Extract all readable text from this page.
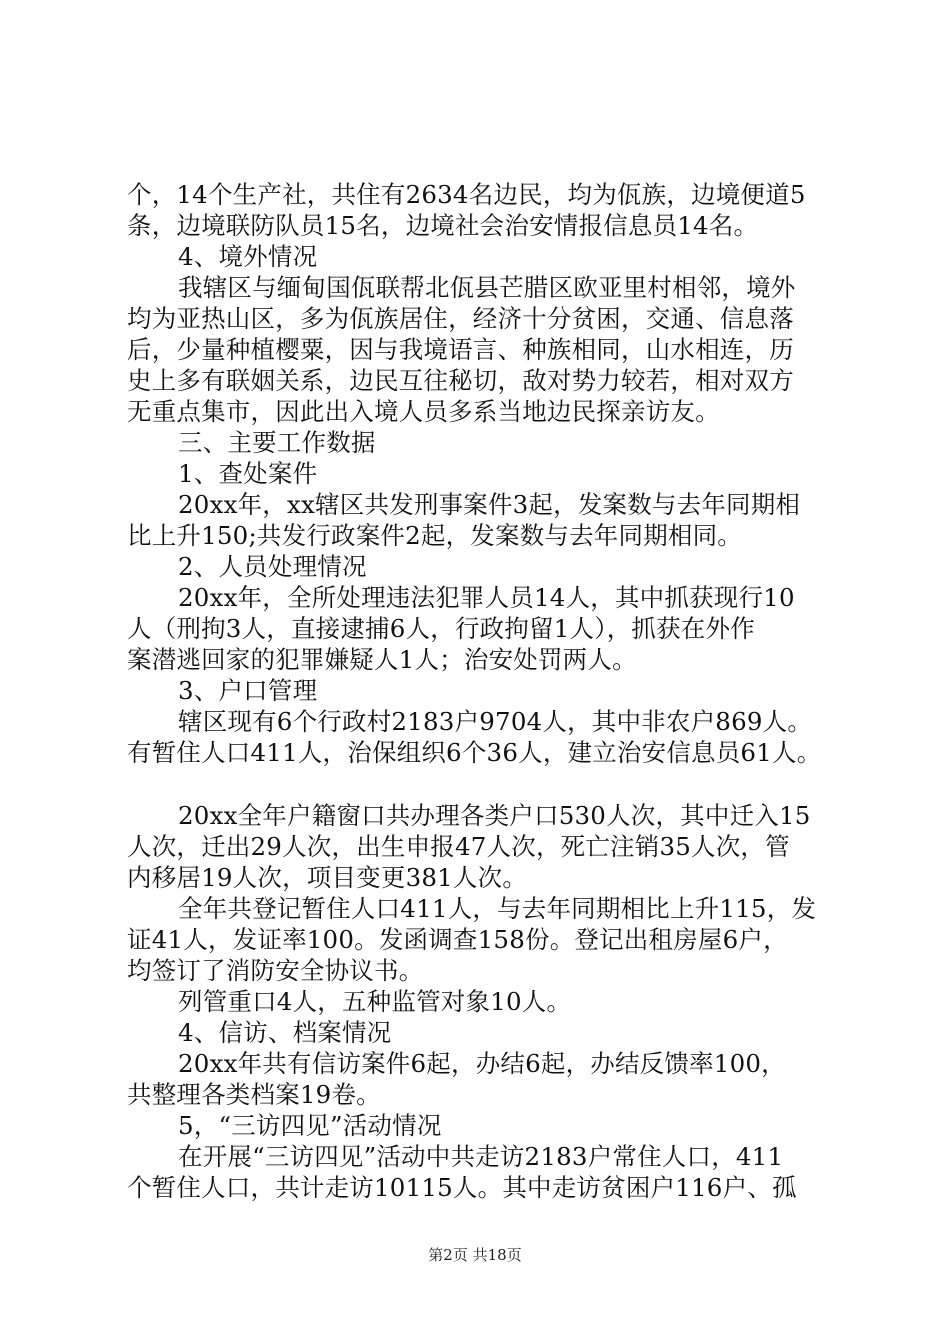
个，14个生产社，共住有2634名边民，均为佤族，边境便道5
条，边境联防队员15名，边境社会治安情报信息员14名。
4、境外情况
我辖区与缅甸国佤联帮北佤县芒腊区欧亚里村相邻，境外
均为亚热山区，多为佤族居住，经济十分贫困，交通、信息落
后，少量种植樱粟，因与我境语言、种族相同，山水相连，历
史上多有联姻关系，边民互往秘切，敌对势力较若，相对双方
无重点集市，因此出入境人员多系当地边民探亲访友。
三、主要工作数据
1、查处案件
20xx年，xx辖区共发刑事案件3起，发案数与去年同期相
比上升150;共发行政案件2起，发案数与去年同期相同。
2、人员处理情况
20xx年，全所处理违法犯罪人员14人，其中抓获现行10
人（刑拘3人，直接逮捕6人，行政拘留1人），抓获在外作
案潜逃回家的犯罪嫌疑人1人；治安处罚两人。
3、户口管理
辖区现有6个行政村2183户9704人，其中非农户869人。
有暂住人口411人，治保组织6个36人，建立治安信息员61人。
20xx全年户籍窗口共办理各类户口530人次，其中迁入15
人次，迁出29人次，出生申报47人次，死亡注销35人次，管
内移居19人次，项目变更381人次。
全年共登记暂住人口411人，与去年同期相比上升115，发
证41人，发证率100。发函调查158份。登记出租房屋6户，
均签订了消防安全协议书。
列管重口4人，五种监管对象10人。
4、信访、档案情况
20xx年共有信访案件6起，办结6起，办结反馈率100，
共整理各类档案19卷。
5，“三访四见”活动情况
在开展“三访四见”活动中共走访2183户常住人口，411
个暂住人口，共计走访10115人。其中走访贫困户116户、孤
第2页 共18页
